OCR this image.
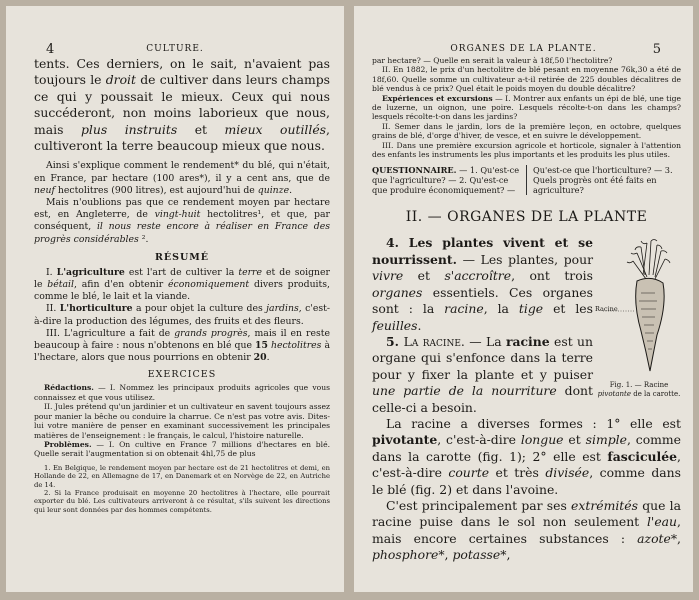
4	CULTURE.

tents. Ces derniers, on le sait, n'avaient pas toujours le droit de cultiver dans leurs champs ce qui y poussait le mieux. Ceux qui nous succéderont, non moins laborieux que nous, mais plus instruits et mieux outillés, cultiveront la terre beaucoup mieux que nous.

Ainsi s'explique comment le rendement* du blé, qui n'était, en France, par hectare (100 ares*), il y a cent ans, que de neuf hectolitres (900 litres), est aujourd'hui de quinze.

Mais n'oublions pas que ce rendement moyen par hectare est, en Angleterre, de vingt-huit hectolitres¹, et que, par conséquent, il nous reste encore à réaliser en France des progrès considérables ².

RÉSUMÉ

I. L'agriculture est l'art de cultiver la terre et de soigner le bétail, afin d'en obtenir économiquement divers produits, comme le blé, le lait et la viande.

II. L'horticulture a pour objet la culture des jardins, c'est-à-dire la production des légumes, des fruits et des fleurs.

III. L'agriculture a fait de grands progrès, mais il en reste beaucoup à faire : nous n'obtenons en blé que 15 hectolitres à l'hectare, alors que nous pourrions en obtenir 20.

EXERCICES

Rédactions. — I. Nommez les principaux produits agricoles que vous connaissez et que vous utilisez.

II. Jules prétend qu'un jardinier et un cultivateur en savent toujours assez pour manier la bêche ou conduire la charrue. Ce n'est pas votre avis. Dites-lui votre manière de penser en examinant successivement les principales matières de l'enseignement : le français, le calcul, l'histoire naturelle.

Problèmes. — I. On cultive en France 7 millions d'hectares en blé. Quelle serait l'augmentation si on obtenait 4hl,75 de plus

1. En Belgique, le rendement moyen par hectare est de 21 hectolitres et demi, en Hollande de 22, en Allemagne de 17, en Danemark et en Norvège de 22, en Autriche de 14.

2. Si la France produisait en moyenne 20 hectolitres à l'hectare, elle pourrait exporter du blé. Les cultivateurs arriveront à ce résultat, s'ils suivent les directions qui leur sont données par des hommes compétents.

ORGANES DE LA PLANTE.	5

par hectare? — Quelle en serait la valeur à 18f,50 l'hectolitre?

II. En 1882, le prix d'un hectolitre de blé pesant en moyenne 76k,30 a été de 18f,60. Quelle somme un cultivateur a-t-il retirée de 225 doubles décalitres de blé vendus à ce prix? Quel était le poids moyen du double décalitre?

Expériences et excursions — I. Montrer aux enfants un épi de blé, une tige de luzerne, un oignon, une poire. Lesquels récolte-t-on dans les champs? lesquels récolte-t-on dans les jardins?

II. Semer dans le jardin, lors de la première leçon, en octobre, quelques grains de blé, d'orge d'hiver, de vesce, et en suivre le développement.

III. Dans une première excursion agricole et horticole, signaler à l'attention des enfants les instruments les plus importants et les produits les plus utiles.

QUESTIONNAIRE. — 1. Qu'est-ce que l'agriculture? — 2. Qu'est-ce que produire économiquement? —
Qu'est-ce que l'horticulture? — 3. Quels progrès ont été faits en agriculture?
II. — ORGANES DE LA PLANTE
Racine
Fig. 1. — Racine pivotante de la carotte.

4. Les plantes vivent et se nourrissent. — Les plantes, pour vivre et s'accroître, ont trois organes essentiels. Ces organes sont : la racine, la tige et les feuilles.

5. La racine. — La racine est un organe qui s'enfonce dans la terre pour y fixer la plante et y puiser une partie de la nourriture dont celle-ci a besoin.

La racine a diverses formes : 1° elle est pivotante, c'est-à-dire longue et simple, comme dans la carotte (fig. 1); 2° elle est fasciculée, c'est-à-dire courte et très divisée, comme dans le blé (fig. 2) et dans l'avoine.

C'est principalement par ses extrémités que la racine puise dans le sol non seulement l'eau, mais encore certaines substances : azote*, phosphore*, potasse*,
